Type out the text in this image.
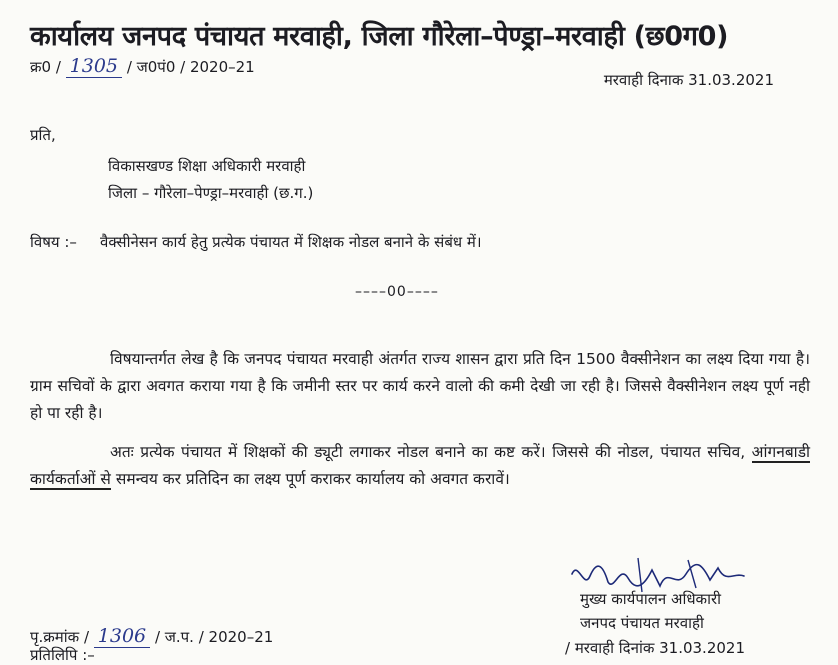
कार्यालय जनपद पंचायत मरवाही, जिला गौरेला–पेण्ड्रा–मरवाही (छ0ग0)
क्र0 / 1305 / ज0पं0 / 2020–21
मरवाही दिनाक 31.03.2021
प्रति,
विकासखण्ड शिक्षा अधिकारी मरवाही
जिला – गौरेला–पेण्ड्रा–मरवाही (छ.ग.)
विषय :– वैक्सीनेसन कार्य हेतु प्रत्येक पंचायत में शिक्षक नोडल बनाने के संबंध में।
––––00––––
विषयान्तर्गत लेख है कि जनपद पंचायत मरवाही अंतर्गत राज्य शासन द्वारा प्रति दिन 1500 वैक्सीनेशन का लक्ष्य दिया गया है। ग्राम सचिवों के द्वारा अवगत कराया गया है कि जमीनी स्तर पर कार्य करने वालो की कमी देखी जा रही है। जिससे वैक्सीनेशन लक्ष्य पूर्ण नही हो पा रही है।
अतः प्रत्येक पंचायत में शिक्षकों की ड्यूटी लगाकर नोडल बनाने का कष्ट करें। जिससे की नोडल, पंचायत सचिव, आंगनबाडी कार्यकर्ताओं से समन्वय कर प्रतिदिन का लक्ष्य पूर्ण कराकर कार्यालय को अवगत करावें।
मुख्य कार्यपालन अधिकारी
जनपद पंचायत मरवाही
/ मरवाही दिनांक 31.03.2021
पृ.क्रमांक / 1306 / ज.प. / 2020–21
प्रतिलिपि :–
